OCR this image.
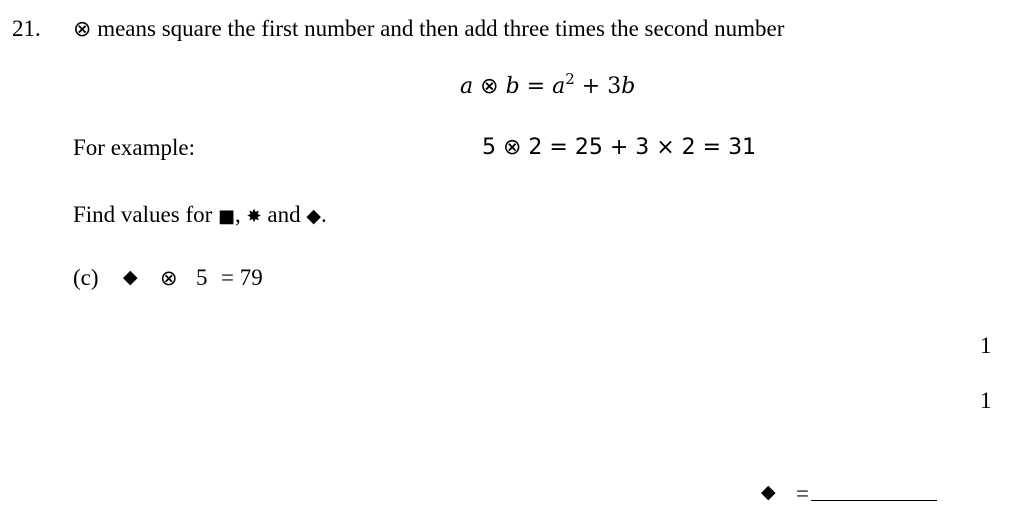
21. ⊗ means square the first number and then add three times the second number
a ⊗ $b = a^2 + 3b$
For example:	5 ⊗ 2 = 25 + 3 × 2 = 31
Find values for ■, ✸ and ◆.
(c) ◆ ⊗ 5 = 79
1
1
◆ =
